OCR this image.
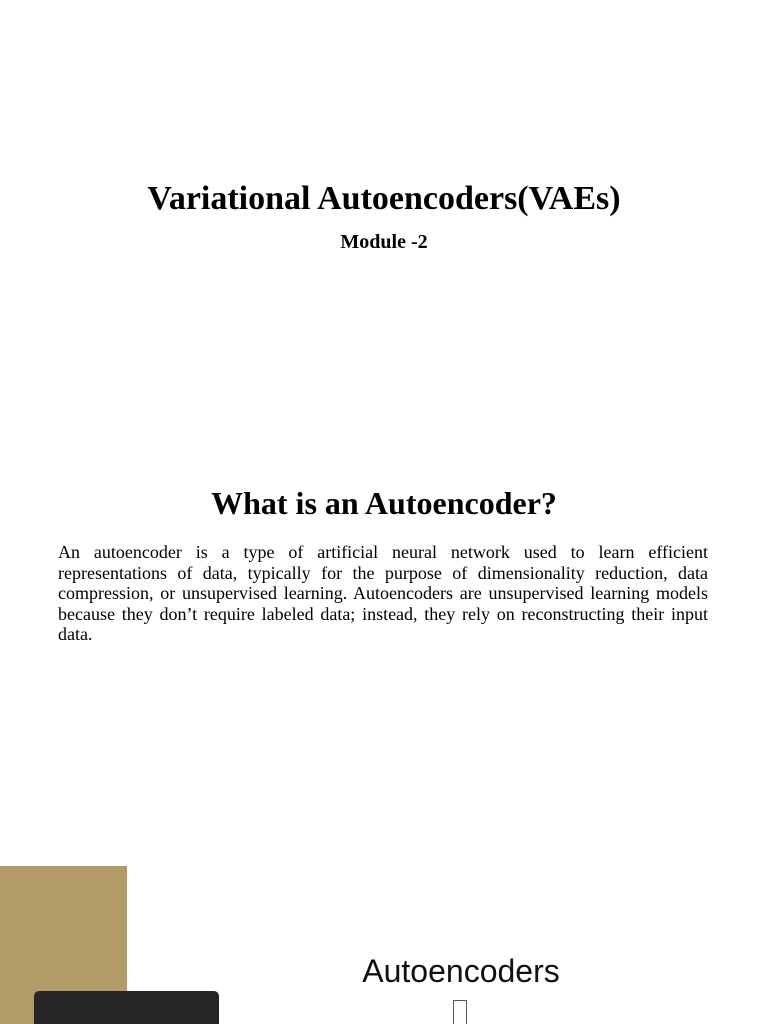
Variational Autoencoders(VAEs)
Module -2
What is an Autoencoder?

An autoencoder is a type of artificial neural network used to learn efficient representations of data, typically for the purpose of dimensionality reduction, data compression, or unsupervised learning. Autoencoders are unsupervised learning models because they don’t require labeled data; instead, they rely on reconstructing their input data.

Autoencoders
